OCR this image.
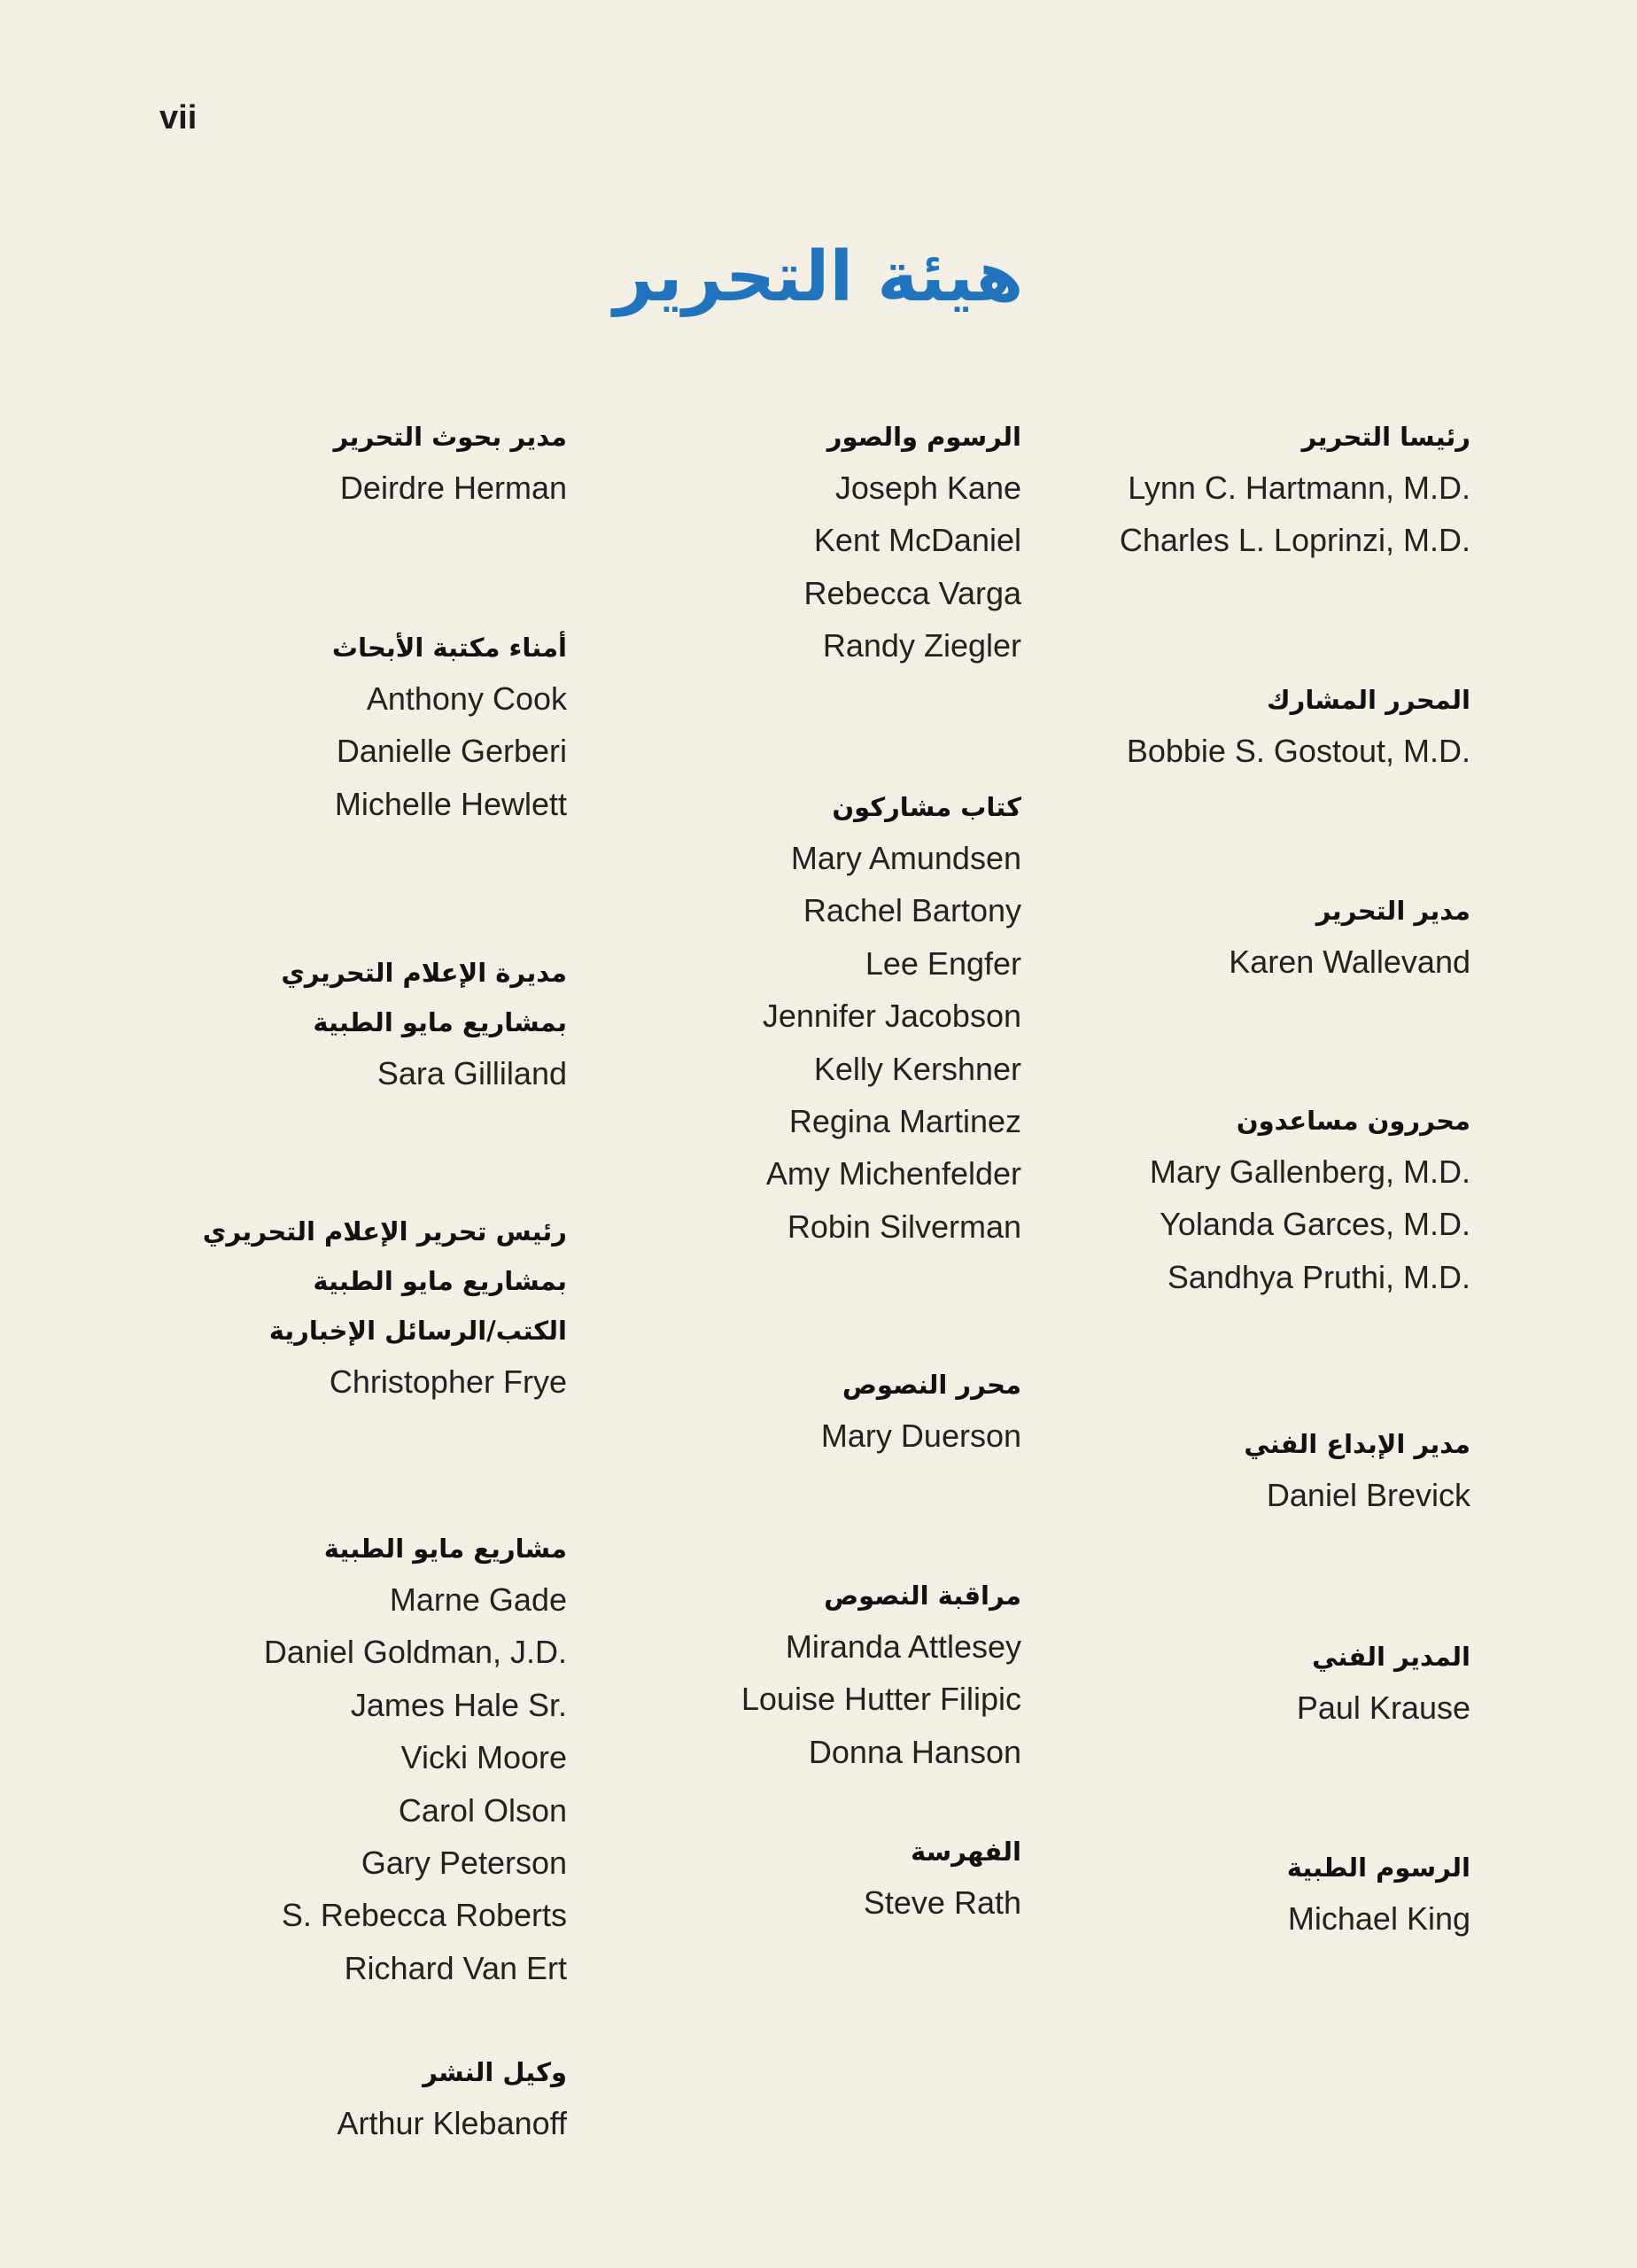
vii
هيئة التحرير
رئيسا التحرير
Lynn C. Hartmann, M.D.
Charles L. Loprinzi, M.D.
المحرر المشارك
Bobbie S. Gostout, M.D.
مدير التحرير
Karen Wallevand
محررون مساعدون
Mary Gallenberg, M.D.
Yolanda Garces, M.D.
Sandhya Pruthi, M.D.
مدير الإبداع الفني
Daniel Brevick
المدير الفني
Paul Krause
الرسوم الطبية
Michael King
الرسوم والصور
Joseph Kane
Kent McDaniel
Rebecca Varga
Randy Ziegler
كتاب مشاركون
Mary Amundsen
Rachel Bartony
Lee Engfer
Jennifer Jacobson
Kelly Kershner
Regina Martinez
Amy Michenfelder
Robin Silverman
محرر النصوص
Mary Duerson
مراقبة النصوص
Miranda Attlesey
Louise Hutter Filipic
Donna Hanson
الفهرسة
Steve Rath
مدير بحوث التحرير
Deirdre Herman
أمناء مكتبة الأبحاث
Anthony Cook
Danielle Gerberi
Michelle Hewlett
مديرة الإعلام التحريري
بمشاريع مايو الطبية
Sara Gilliland
رئيس تحرير الإعلام التحريري
بمشاريع مايو الطبية
الكتب/الرسائل الإخبارية
Christopher Frye
مشاريع مايو الطبية
Marne Gade
Daniel Goldman, J.D.
James Hale Sr.
Vicki Moore
Carol Olson
Gary Peterson
S. Rebecca Roberts
Richard Van Ert
وكيل النشر
Arthur Klebanoff
